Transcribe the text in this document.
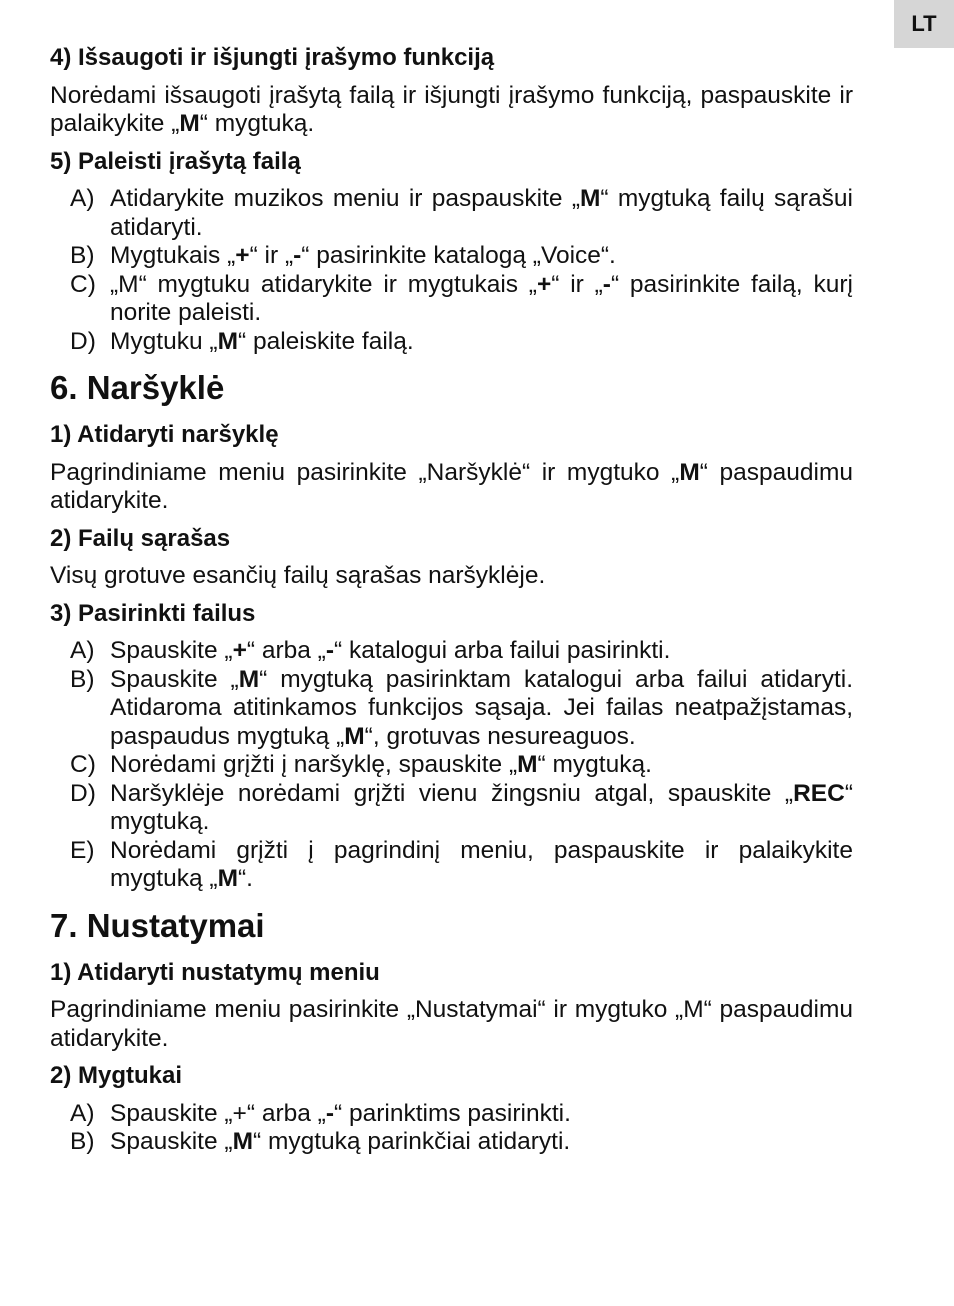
LT

4) Išsaugoti ir išjungti įrašymo funkciją

Norėdami išsaugoti įrašytą failą ir išjungti įrašymo funkciją, paspauskite ir palaikykite „M“ mygtuką.

5) Paleisti įrašytą failą

A) Atidarykite muzikos meniu ir paspauskite „M“ mygtuką failų sąrašui atidaryti.
B) Mygtukais „+“ ir „-“ pasirinkite katalogą „Voice“.
C) „M“ mygtuku atidarykite ir mygtukais „+“ ir „-“ pasirinkite failą, kurį norite paleisti.
D) Mygtuku „M“ paleiskite failą.

6. Naršyklė

1) Atidaryti naršyklę

Pagrindiniame meniu pasirinkite „Naršyklė“ ir mygtuko „M“ paspaudimu atidarykite.

2) Failų sąrašas

Visų grotuve esančių failų sąrašas naršyklėje.

3) Pasirinkti failus

A) Spauskite „+“ arba „-“ katalogui arba failui pasirinkti.
B) Spauskite „M“ mygtuką pasirinktam katalogui arba failui atidaryti. Atidaroma atitinkamos funkcijos sąsaja. Jei failas neatpažįstamas, paspaudus mygtuką „M“, grotuvas nesureaguos.
C) Norėdami grįžti į naršyklę, spauskite „M“ mygtuką.
D) Naršyklėje norėdami grįžti vienu žingsniu atgal, spauskite „REC“ mygtuką.
E) Norėdami grįžti į pagrindinį meniu, paspauskite ir palaikykite mygtuką „M“.

7. Nustatymai

1) Atidaryti nustatymų meniu

Pagrindiniame meniu pasirinkite „Nustatymai“ ir mygtuko „M“ paspaudimu atidarykite.

2) Mygtukai

A) Spauskite „+“ arba „-“ parinktims pasirinkti.
B) Spauskite „M“ mygtuką parinkčiai atidaryti.
